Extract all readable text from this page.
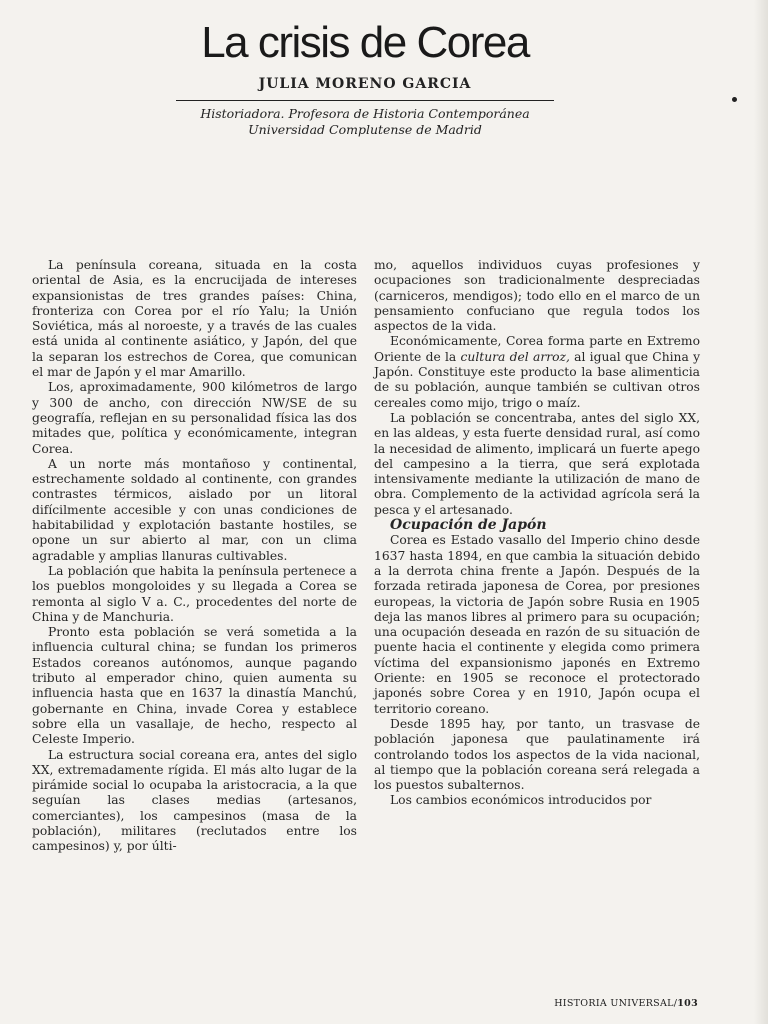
La crisis de Corea
JULIA MORENO GARCIA
Historiadora. Profesora de Historia Contemporánea
Universidad Complutense de Madrid

La península coreana, situada en la costa oriental de Asia, es la encrucijada de intereses expansionistas de tres grandes países: China, fronteriza con Corea por el río Yalu; la Unión Soviética, más al noroeste, y a través de las cuales está unida al continente asiático, y Japón, del que la separan los estrechos de Corea, que comunican el mar de Japón y el mar Amarillo.

Los, aproximadamente, 900 kilómetros de largo y 300 de ancho, con dirección NW/SE de su geografía, reflejan en su personalidad física las dos mitades que, política y económicamente, integran Corea.

A un norte más montañoso y continental, estrechamente soldado al continente, con grandes contrastes térmicos, aislado por un litoral difícilmente accesible y con unas condiciones de habitabilidad y explotación bastante hostiles, se opone un sur abierto al mar, con un clima agradable y amplias llanuras cultivables.

La población que habita la península pertenece a los pueblos mongoloides y su llegada a Corea se remonta al siglo V a. C., procedentes del norte de China y de Manchuria.

Pronto esta población se verá sometida a la influencia cultural china; se fundan los primeros Estados coreanos autónomos, aunque pagando tributo al emperador chino, quien aumenta su influencia hasta que en 1637 la dinastía Manchú, gobernante en China, invade Corea y establece sobre ella un vasallaje, de hecho, respecto al Celeste Imperio.

La estructura social coreana era, antes del siglo XX, extremadamente rígida. El más alto lugar de la pirámide social lo ocupaba la aristocracia, a la que seguían las clases medias (artesanos, comerciantes), los campesinos (masa de la población), militares (reclutados entre los campesinos) y, por últi-

mo, aquellos individuos cuyas profesiones y ocupaciones son tradicionalmente despreciadas (carniceros, mendigos); todo ello en el marco de un pensamiento confuciano que regula todos los aspectos de la vida.

Económicamente, Corea forma parte en Extremo Oriente de la cultura del arroz, al igual que China y Japón. Constituye este producto la base alimenticia de su población, aunque también se cultivan otros cereales como mijo, trigo o maíz.

La población se concentraba, antes del siglo XX, en las aldeas, y esta fuerte densidad rural, así como la necesidad de alimento, implicará un fuerte apego del campesino a la tierra, que será explotada intensivamente mediante la utilización de mano de obra. Complemento de la actividad agrícola será la pesca y el artesanado.

Ocupación de Japón

Corea es Estado vasallo del Imperio chino desde 1637 hasta 1894, en que cambia la situación debido a la derrota china frente a Japón. Después de la forzada retirada japonesa de Corea, por presiones europeas, la victoria de Japón sobre Rusia en 1905 deja las manos libres al primero para su ocupación; una ocupación deseada en razón de su situación de puente hacia el continente y elegida como primera víctima del expansionismo japonés en Extremo Oriente: en 1905 se reconoce el protectorado japonés sobre Corea y en 1910, Japón ocupa el territorio coreano.

Desde 1895 hay, por tanto, un trasvase de población japonesa que paulatinamente irá controlando todos los aspectos de la vida nacional, al tiempo que la población coreana será relegada a los puestos subalternos.

Los cambios económicos introducidos por

HISTORIA UNIVERSAL/103
